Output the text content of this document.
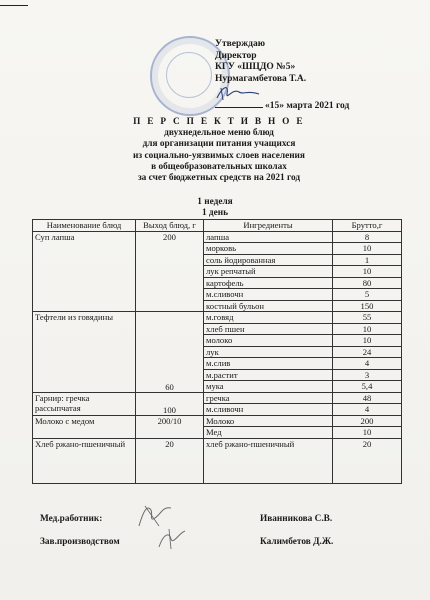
Утверждаю
Директор
КГУ «ШЦДО №5»
Нурмагамбетова Т.А.
«15» марта 2021 год
П Е Р С П Е К Т И В Н О Е
двухнедельное меню блюд
для организации питания учащихся
из социально-уязвимых слоев населения
в общеобразовательных школах
за счет бюджетных средств на 2021 год
1 неделя
1 день
Наименование блюд	Выход блюд, г	Ингредиенты	Брутто,г
Суп лапша	200	лапша	8
		морковь	10
		соль йодированная	1
		лук репчатый	10
		картофель	80
		м.сливочн	5
		костный бульон	150
Тефтели из говядины	60	м.говяд	55
		хлеб пшен	10
		молоко	10
		лук	24
		м.слив	4
		м.растит	3
		мука	5,4
Гарнир: гречка рассыпчатая	100	гречка	48
		м.сливочн	4
Молоко с медом	200/10	Молоко	200
		Мед	10
Хлеб ржано-пшеничный	20	хлеб ржано-пшеничный	20
Мед.работник:
Зав.производством
Иванникова С.В.
Калимбетов Д.Ж.
